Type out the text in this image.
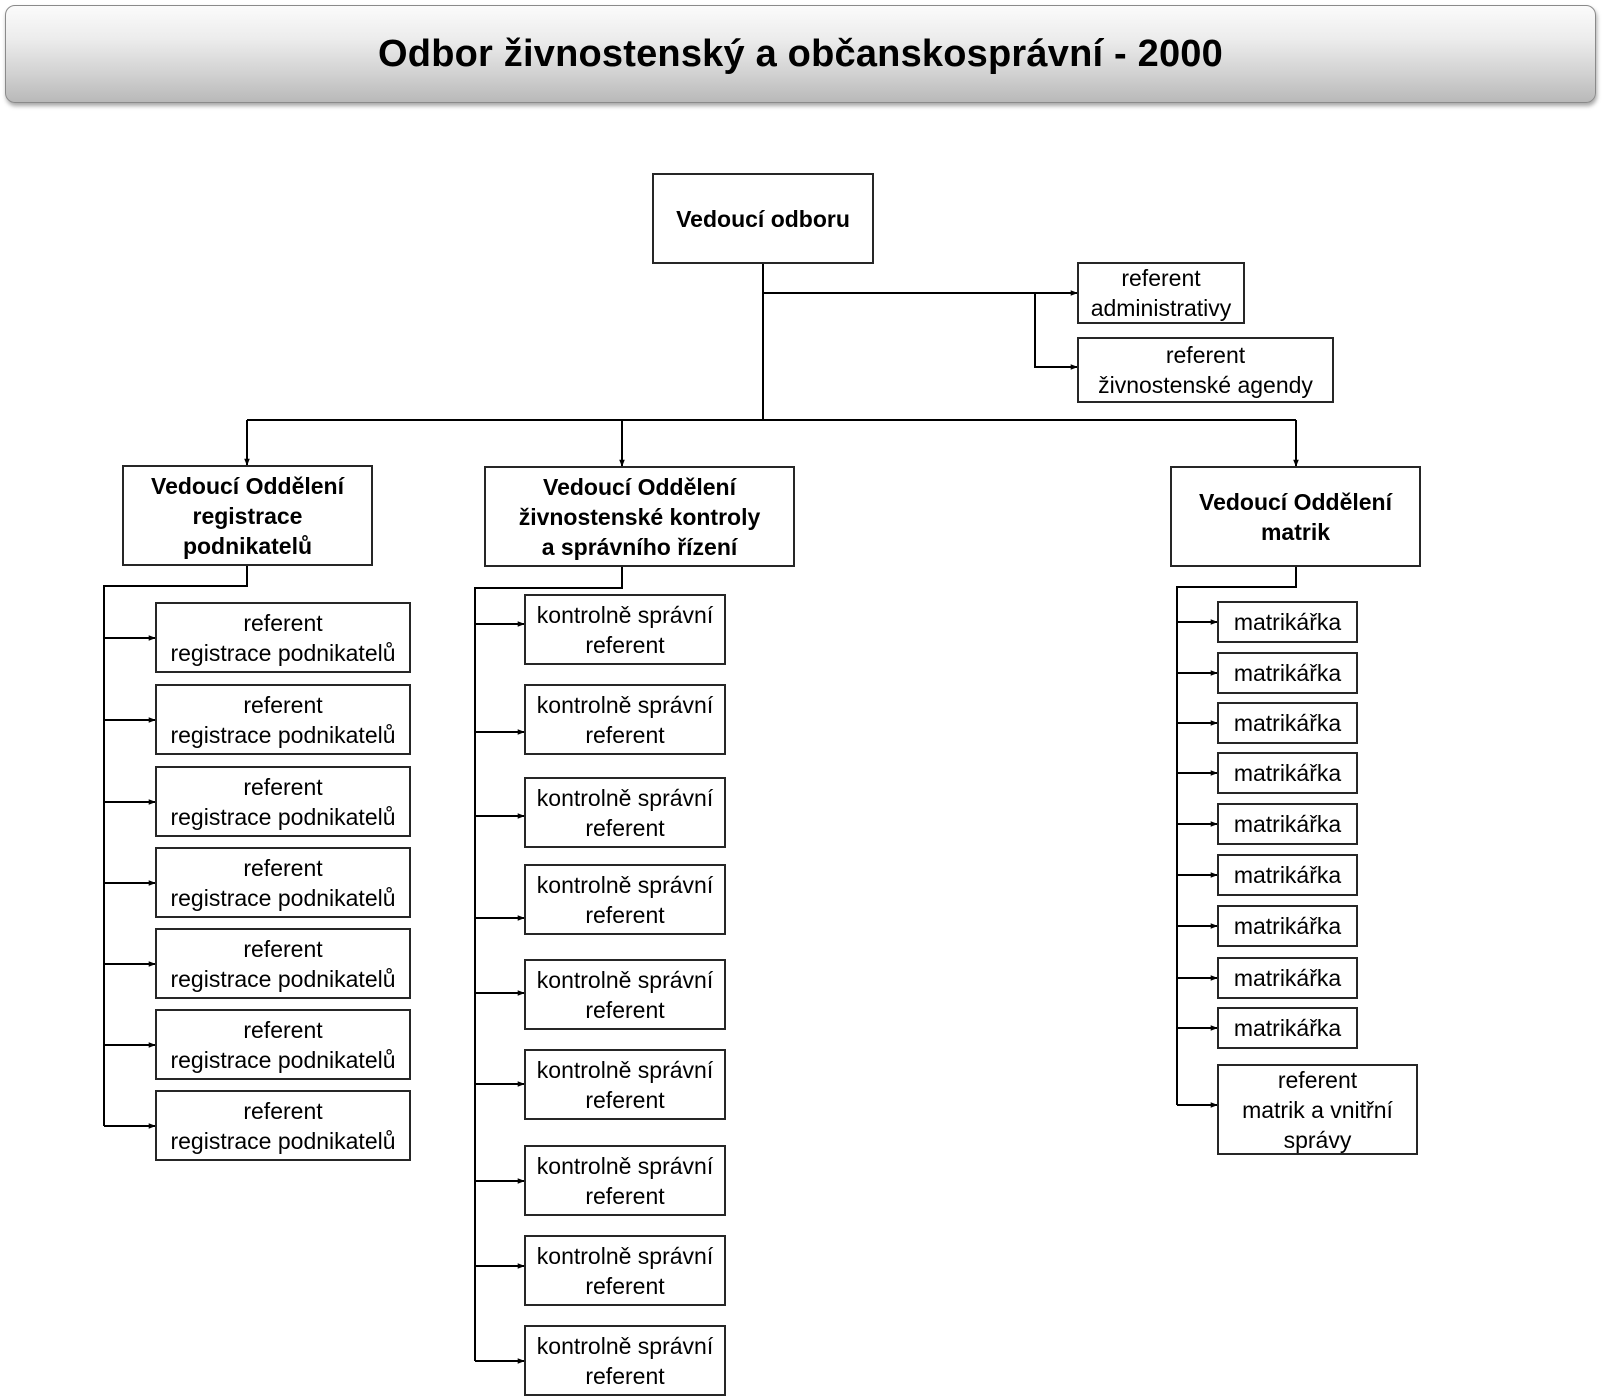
Odbor živnostenský a občanskosprávní - 2000
Vedoucí odboru
referent
administrativy
referent
živnostenské agendy
Vedoucí Oddělení
registrace
podnikatelů
Vedoucí Oddělení
živnostenské kontroly
a správního řízení
Vedoucí Oddělení
matrik
referent
registrace podnikatelů
referent
registrace podnikatelů
referent
registrace podnikatelů
referent
registrace podnikatelů
referent
registrace podnikatelů
referent
registrace podnikatelů
referent
registrace podnikatelů
kontrolně správní
referent
kontrolně správní
referent
kontrolně správní
referent
kontrolně správní
referent
kontrolně správní
referent
kontrolně správní
referent
kontrolně správní
referent
kontrolně správní
referent
kontrolně správní
referent
matrikářka
matrikářka
matrikářka
matrikářka
matrikářka
matrikářka
matrikářka
matrikářka
matrikářka
referent
matrik a vnitřní
správy
